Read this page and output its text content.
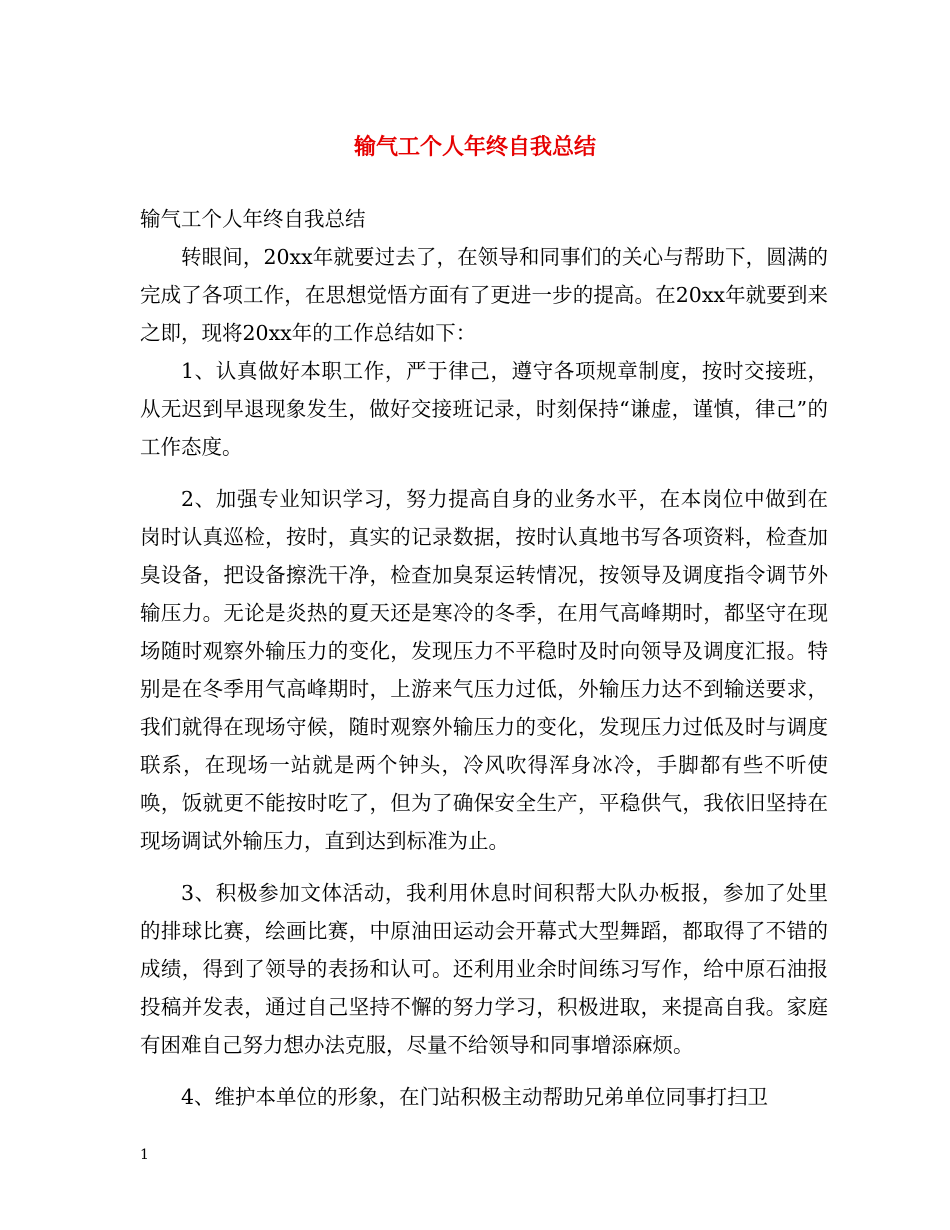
输气工个人年终自我总结

输气工个人年终自我总结

转眼间，20xx年就要过去了，在领导和同事们的关心与帮助下，圆满的完成了各项工作，在思想觉悟方面有了更进一步的提高。在20xx年就要到来之即，现将20xx年的工作总结如下：

1、认真做好本职工作，严于律己，遵守各项规章制度，按时交接班，从无迟到早退现象发生，做好交接班记录，时刻保持“谦虚，谨慎，律己”的工作态度。

2、加强专业知识学习，努力提高自身的业务水平，在本岗位中做到在岗时认真巡检，按时，真实的记录数据，按时认真地书写各项资料，检查加臭设备，把设备擦洗干净，检查加臭泵运转情况，按领导及调度指令调节外输压力。无论是炎热的夏天还是寒冷的冬季，在用气高峰期时，都坚守在现场随时观察外输压力的变化，发现压力不平稳时及时向领导及调度汇报。特别是在冬季用气高峰期时，上游来气压力过低，外输压力达不到输送要求，我们就得在现场守候，随时观察外输压力的变化，发现压力过低及时与调度联系，在现场一站就是两个钟头，冷风吹得浑身冰冷，手脚都有些不听使唤，饭就更不能按时吃了，但为了确保安全生产，平稳供气，我依旧坚持在现场调试外输压力，直到达到标准为止。

3、积极参加文体活动，我利用休息时间积帮大队办板报，参加了处里的排球比赛，绘画比赛，中原油田运动会开幕式大型舞蹈，都取得了不错的成绩，得到了领导的表扬和认可。还利用业余时间练习写作，给中原石油报投稿并发表，通过自己坚持不懈的努力学习，积极进取，来提高自我。家庭有困难自己努力想办法克服，尽量不给领导和同事增添麻烦。

4、维护本单位的形象，在门站积极主动帮助兄弟单位同事打扫卫

1
